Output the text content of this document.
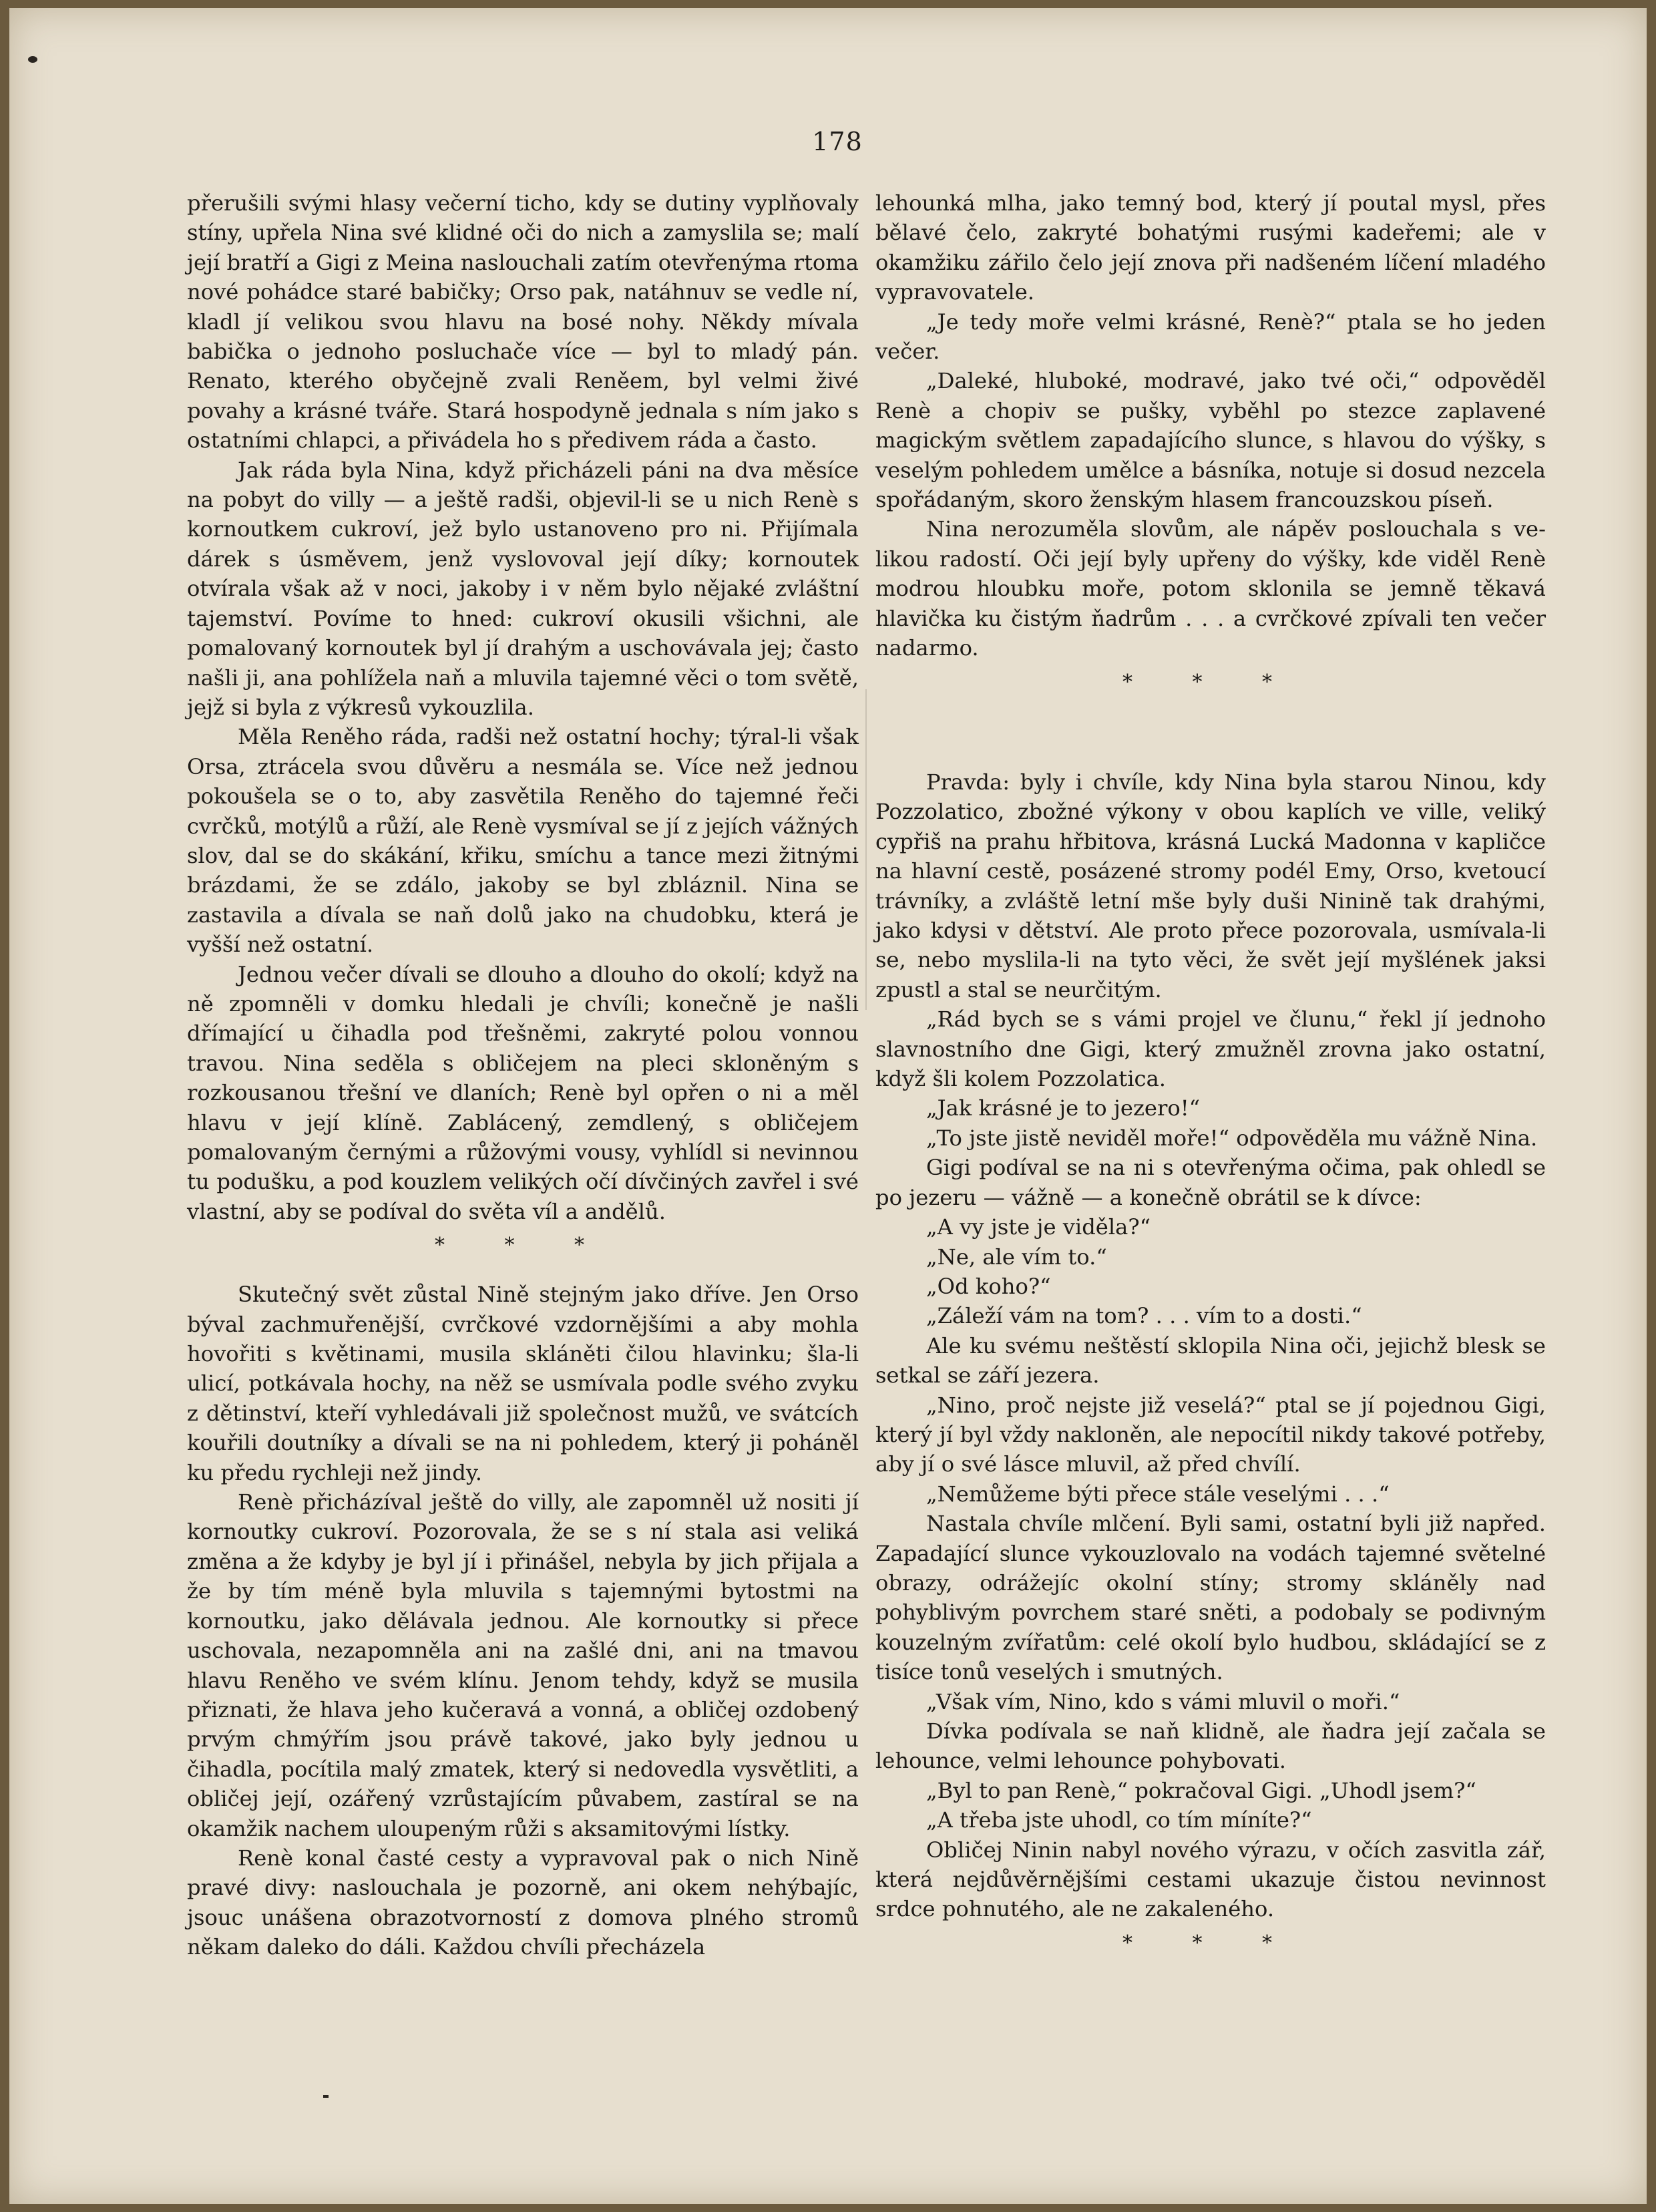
178

přerušili svými hlasy večerní ticho, kdy se dutiny vyplňovaly stíny, upřela Nina své klidné oči do nich a zamyslila se; malí její bratří a Gigi z Meina naslouchali zatím otevřenýma rtoma nové pohádce staré babičky; Orso pak, natáhnuv se vedle ní, kladl jí velikou svou hlavu na bosé nohy. Někdy mívala babička o jednoho posluchače více — byl to mladý pán. Renato, kterého obyčejně zvali Reněem, byl velmi živé povahy a krásné tváře. Stará hospodyně jednala s ním jako s ostatními chlapci, a přivádela ho s předivem ráda a často.

Jak ráda byla Nina, když přicházeli páni na dva měsíce na pobyt do villy — a ještě radši, objevil-li se u nich Renè s kornoutkem cukroví, jež bylo ustanoveno pro ni. Přijímala dárek s úsměvem, jenž vyslovoval její díky; kornoutek otvírala však až v noci, jakoby i v něm bylo nějaké zvláštní tajemství. Povíme to hned: cukroví okusili všichni, ale pomalovaný kornoutek byl jí drahým a uschovávala jej; často našli ji, ana pohlížela naň a mluvila tajemné věci o tom světě, jejž si byla z výkresů vykouzlila.

Měla Reněho ráda, radši než ostatní hochy; týral-li však Orsa, ztrácela svou důvěru a nesmála se. Více než jednou pokoušela se o to, aby zasvětila Reněho do tajemné řeči cvrčků, motýlů a růží, ale Renè vysmíval se jí z jejích vážných slov, dal se do skákání, křiku, smíchu a tance mezi žitnými brázdami, že se zdálo, jakoby se byl zbláznil. Nina se zastavila a dívala se naň dolů jako na chudobku, která je vyšší než ostatní.

Jednou večer dívali se dlouho a dlouho do okolí; když na ně zpomněli v domku hledali je chvíli; konečně je našli dřímající u čihadla pod třešněmi, zakryté polou vonnou travou. Nina seděla s obličejem na pleci skloněným s rozkousanou třešní ve dlaních; Renè byl opřen o ni a měl hlavu v její klíně. Zablácený, zemdlený, s obličejem pomalovaným černými a růžovými vousy, vyhlídl si nevinnou tu podušku, a pod kouzlem velikých očí dívčiných zavřel i své vlastní, aby se podíval do světa víl a andělů.

* * *

Skutečný svět zůstal Nině stejným jako dříve. Jen Orso býval zachmuřenější, cvrčkové vzdornějšími a aby mohla hovořiti s květinami, musila skláněti čilou hlavinku; šla-li ulicí, potkávala hochy, na něž se usmívala podle svého zvyku z dětinství, kteří vyhledávali již společnost mužů, ve svátcích kouřili doutníky a dívali se na ni pohledem, který ji poháněl ku předu rychleji než jindy.

Renè přicházíval ještě do villy, ale zapomněl už nositi jí kornoutky cukroví. Pozorovala, že se s ní stala asi veliká změna a že kdyby je byl jí i přinášel, nebyla by jich přijala a že by tím méně byla mluvila s tajemnými bytostmi na kornoutku, jako dělávala jednou. Ale kornoutky si přece uschovala, nezapomněla ani na zašlé dni, ani na tmavou hlavu Reněho ve svém klínu. Jenom tehdy, když se musila přiznati, že hlava jeho kučeravá a vonná, a obličej ozdobený prvým chmýřím jsou právě takové, jako byly jednou u čihadla, pocítila malý zmatek, který si nedovedla vysvětliti, a obličej její, ozářený vzrůstajícím půvabem, zastíral se na okamžik nachem uloupeným růži s aksamitovými lístky.

Renè konal časté cesty a vypravoval pak o nich Nině pravé divy: naslouchala je pozorně, ani okem nehýbajíc, jsouc unášena obrazotvorností z domova plného stromů někam daleko do dáli. Každou chvíli přecházela

lehounká mlha, jako temný bod, který jí poutal mysl, přes bělavé čelo, zakryté bohatými rusými kadeřemi; ale v okamžiku zářilo čelo její znova při nadšeném líčení mladého vypravovatele.

„Je tedy moře velmi krásné, Renè?“ ptala se ho jeden večer.

„Daleké, hluboké, modravé, jako tvé oči,“ odpověděl Renè a chopiv se pušky, vyběhl po stezce zaplavené magickým světlem zapadajícího slunce, s hlavou do výšky, s veselým pohledem umělce a básníka, notuje si dosud nezcela spořádaným, skoro ženským hlasem francouzskou píseň.

Nina nerozuměla slovům, ale nápěv poslouchala s velikou radostí. Oči její byly upřeny do výšky, kde viděl Renè modrou hloubku moře, potom sklonila se jemně těkavá hlavička ku čistým ňadrům . . . a cvrčkové zpívali ten večer nadarmo.

* * *

Pravda: byly i chvíle, kdy Nina byla starou Ninou, kdy Pozzolatico, zbožné výkony v obou kaplích ve ville, veliký cypřiš na prahu hřbitova, krásná Lucká Madonna v kapličce na hlavní cestě, posázené stromy podél Emy, Orso, kvetoucí trávníky, a zvláště letní mše byly duši Ninině tak drahými, jako kdysi v dětství. Ale proto přece pozorovala, usmívala-li se, nebo myslila-li na tyto věci, že svět její myšlének jaksi zpustl a stal se neurčitým.

„Rád bych se s vámi projel ve člunu,“ řekl jí jednoho slavnostního dne Gigi, který zmužněl zrovna jako ostatní, když šli kolem Pozzolatica.

„Jak krásné je to jezero!“

„To jste jistě neviděl moře!“ odpověděla mu vážně Nina.

Gigi podíval se na ni s otevřenýma očima, pak ohledl se po jezeru — vážně — a konečně obrátil se k dívce:

„A vy jste je viděla?“

„Ne, ale vím to.“

„Od koho?“

„Záleží vám na tom? . . . vím to a dosti.“

Ale ku svému neštěstí sklopila Nina oči, jejichž blesk se setkal se září jezera.

„Nino, proč nejste již veselá?“ ptal se jí pojednou Gigi, který jí byl vždy nakloněn, ale nepocítil nikdy takové potřeby, aby jí o své lásce mluvil, až před chvílí.

„Nemůžeme býti přece stále veselými . . .“

Nastala chvíle mlčení. Byli sami, ostatní byli již napřed. Zapadající slunce vykouzlovalo na vodách tajemné světelné obrazy, odrážejíc okolní stíny; stromy skláněly nad pohyblivým povrchem staré sněti, a podobaly se podivným kouzelným zvířatům: celé okolí bylo hudbou, skládající se z tisíce tonů veselých i smutných.

„Však vím, Nino, kdo s vámi mluvil o moři.“

Dívka podívala se naň klidně, ale ňadra její začala se lehounce, velmi lehounce pohybovati.

„Byl to pan Renè,“ pokračoval Gigi. „Uhodl jsem?“

„A třeba jste uhodl, co tím míníte?“

Obličej Ninin nabyl nového výrazu, v očích zasvitla zář, která nejdůvěrnějšími cestami ukazuje čistou nevinnost srdce pohnutého, ale ne zakaleného.

* * *
